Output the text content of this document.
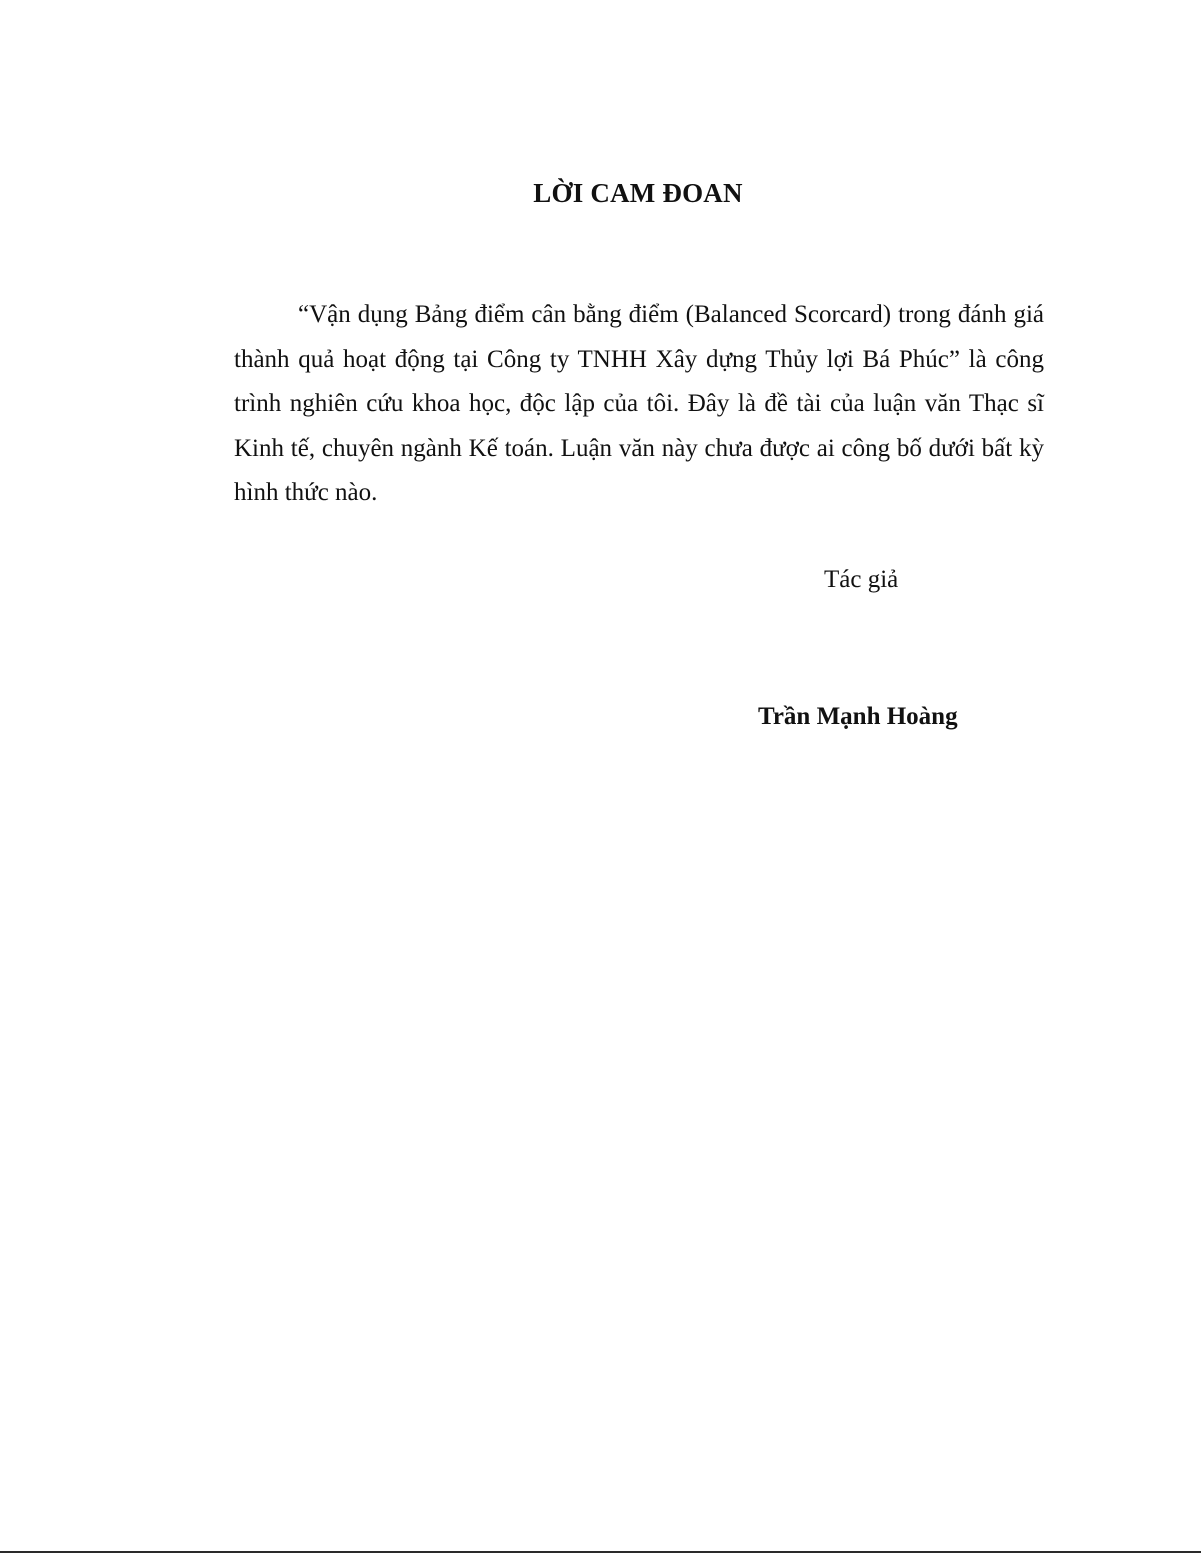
LỜI CAM ĐOAN

“Vận dụng Bảng điểm cân bằng điểm (Balanced Scorcard) trong đánh giá thành quả hoạt động tại Công ty TNHH Xây dựng Thủy lợi Bá Phúc” là công trình nghiên cứu khoa học, độc lập của tôi. Đây là đề tài của luận văn Thạc sĩ Kinh tế, chuyên ngành Kế toán. Luận văn này chưa được ai công bố dưới bất kỳ hình thức nào.

Tác giả

Trần Mạnh Hoàng
